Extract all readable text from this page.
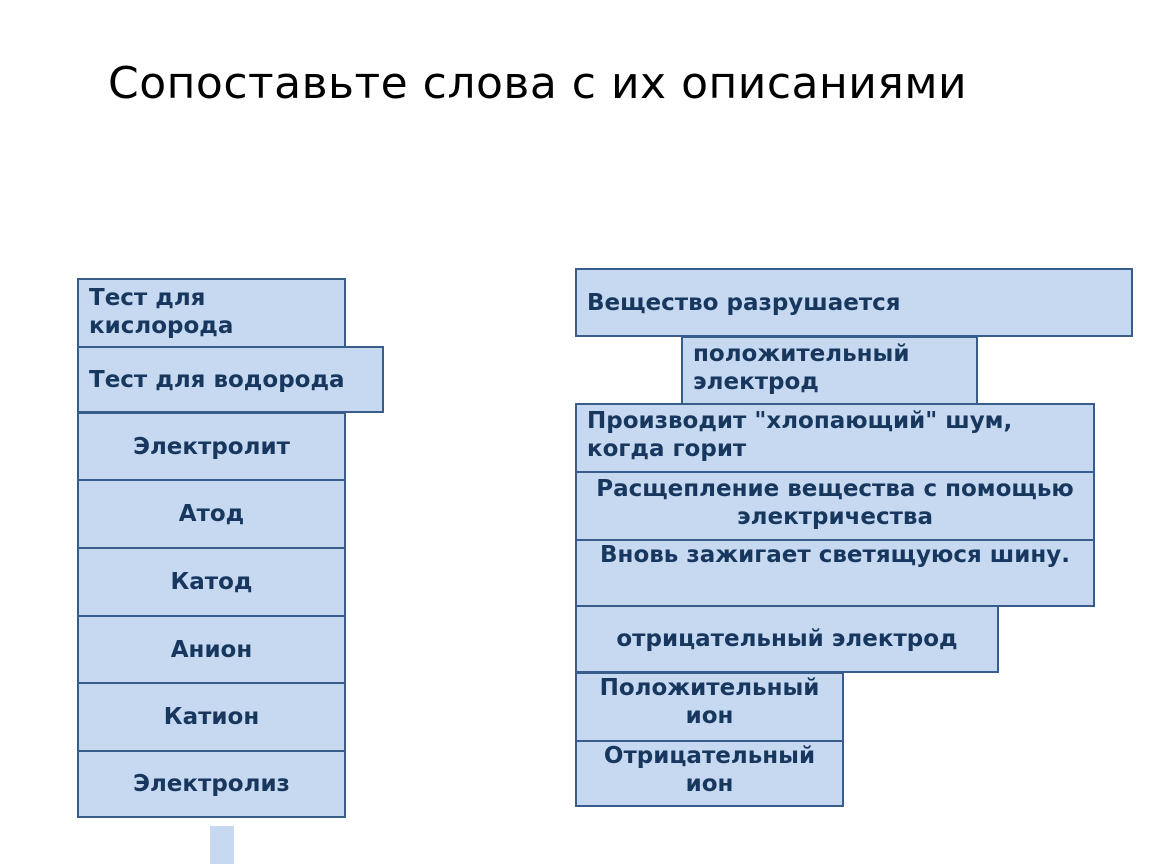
Сопоставьте слова с их описаниями
Тест для кислорода
Тест для водорода
Электролит
Атод
Катод
Анион
Катион
Электролиз
Вещество разрушается
положительный электрод
Производит "хлопающий" шум, когда горит
Расщепление вещества с помощью электричества
Вновь зажигает светящуюся шину.
отрицательный электрод
Положительный ион
Отрицательный ион
